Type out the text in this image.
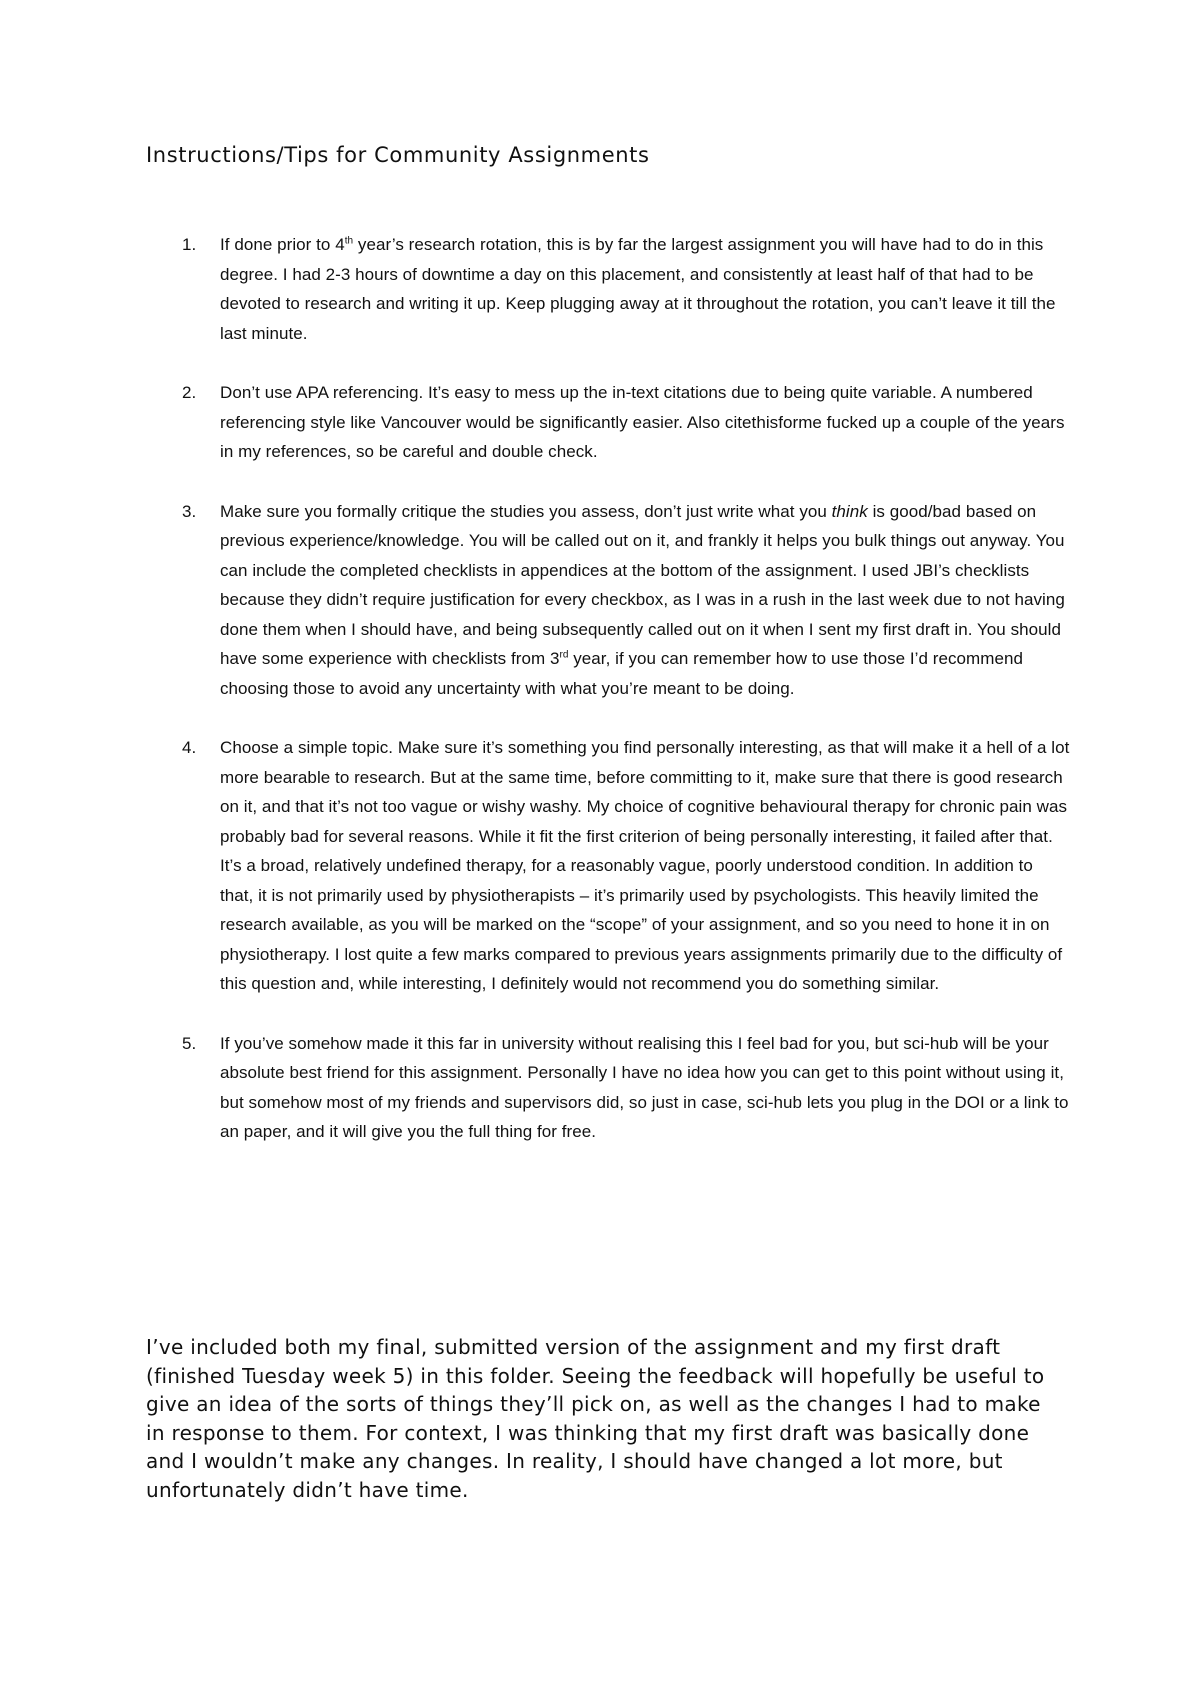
Instructions/Tips for Community Assignments
1. If done prior to 4th year’s research rotation, this is by far the largest assignment you will have had to do in this degree. I had 2-3 hours of downtime a day on this placement, and consistently at least half of that had to be devoted to research and writing it up. Keep plugging away at it throughout the rotation, you can’t leave it till the last minute.

2. Don’t use APA referencing. It’s easy to mess up the in-text citations due to being quite variable. A numbered referencing style like Vancouver would be significantly easier. Also citethisforme fucked up a couple of the years in my references, so be careful and double check.

3. Make sure you formally critique the studies you assess, don’t just write what you think is good/bad based on previous experience/knowledge. You will be called out on it, and frankly it helps you bulk things out anyway. You can include the completed checklists in appendices at the bottom of the assignment. I used JBI’s checklists because they didn’t require justification for every checkbox, as I was in a rush in the last week due to not having done them when I should have, and being subsequently called out on it when I sent my first draft in. You should have some experience with checklists from 3rd year, if you can remember how to use those I’d recommend choosing those to avoid any uncertainty with what you’re meant to be doing.

4. Choose a simple topic. Make sure it’s something you find personally interesting, as that will make it a hell of a lot more bearable to research. But at the same time, before committing to it, make sure that there is good research on it, and that it’s not too vague or wishy washy. My choice of cognitive behavioural therapy for chronic pain was probably bad for several reasons. While it fit the first criterion of being personally interesting, it failed after that. It’s a broad, relatively undefined therapy, for a reasonably vague, poorly understood condition. In addition to that, it is not primarily used by physiotherapists – it’s primarily used by psychologists. This heavily limited the research available, as you will be marked on the “scope” of your assignment, and so you need to hone it in on physiotherapy. I lost quite a few marks compared to previous years assignments primarily due to the difficulty of this question and, while interesting, I definitely would not recommend you do something similar.

5. If you’ve somehow made it this far in university without realising this I feel bad for you, but sci-hub will be your absolute best friend for this assignment. Personally I have no idea how you can get to this point without using it, but somehow most of my friends and supervisors did, so just in case, sci-hub lets you plug in the DOI or a link to an paper, and it will give you the full thing for free.

I’ve included both my final, submitted version of the assignment and my first draft (finished Tuesday week 5) in this folder. Seeing the feedback will hopefully be useful to give an idea of the sorts of things they’ll pick on, as well as the changes I had to make in response to them. For context, I was thinking that my first draft was basically done and I wouldn’t make any changes. In reality, I should have changed a lot more, but unfortunately didn’t have time.
